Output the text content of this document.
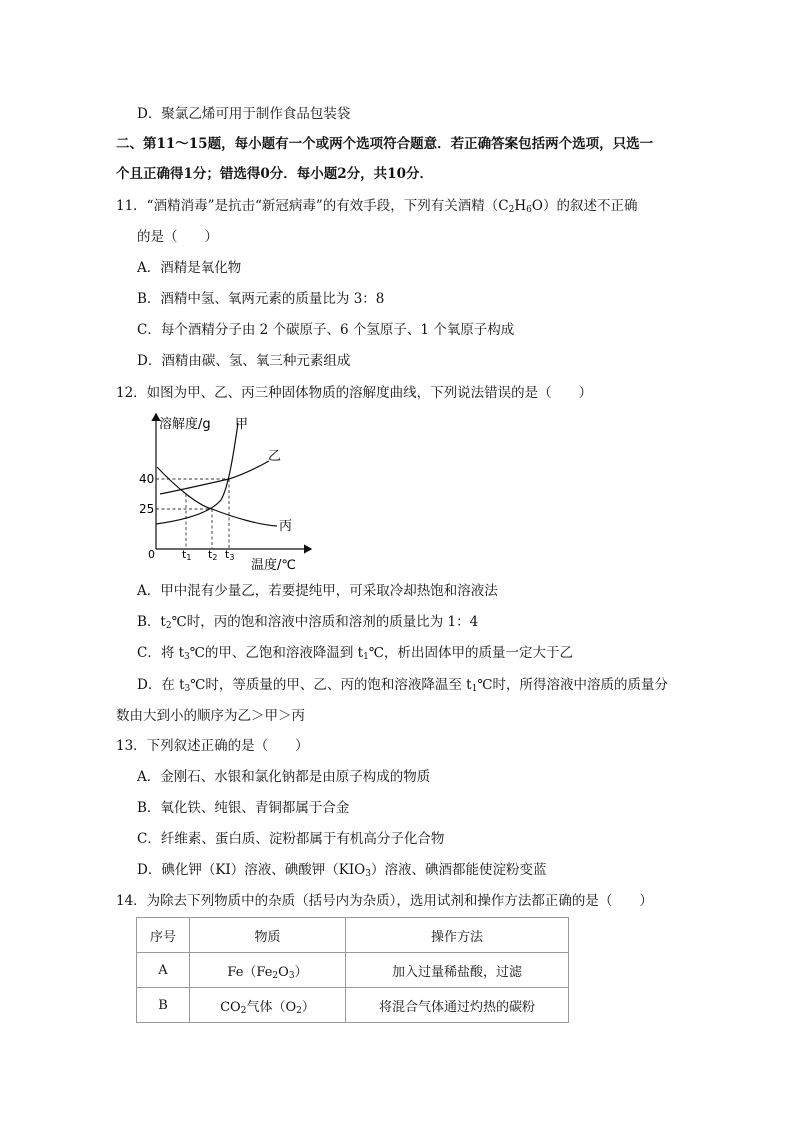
D．聚氯乙烯可用于制作食品包装袋
二、第11～15题，每小题有一个或两个选项符合题意．若正确答案包括两个选项，只选一
个且正确得1分；错选得0分．每小题2分，共10分．
11．“酒精消毒”是抗击“新冠病毒”的有效手段，下列有关酒精$(C_2H_6O)$的叙述不正确
的是（　　）
A．酒精是氧化物
B．酒精中氢、氧两元素的质量比为 3：8
C．每个酒精分子由 2 个碳原子、6 个氢原子、1 个氧原子构成
D．酒精由碳、氢、氧三种元素组成
12．如图为甲、乙、丙三种固体物质的溶解度曲线，下列说法错误的是（　　）
溶解度/g 甲
乙
丙
40
25
0 t1 t2 t3
温度/℃
A．甲中混有少量乙，若要提纯甲，可采取冷却热饱和溶液法
B．$t_2℃$时，丙的饱和溶液中溶质和溶剂的质量比为 1：4
C．将 $t_3℃$的甲、乙饱和溶液降温到 $t_1℃$，析出固体甲的质量一定大于乙
D．在 $t_3℃$时，等质量的甲、乙、丙的饱和溶液降温至 $t_1℃$时，所得溶液中溶质的质量分
数由大到小的顺序为乙＞甲＞丙
13．下列叙述正确的是（　　）
A．金刚石、水银和氯化钠都是由原子构成的物质
B．氧化铁、纯银、青铜都属于合金
C．纤维素、蛋白质、淀粉都属于有机高分子化合物
D．碘化钾（KI）溶液、碘酸钾$(KIO_3)$溶液、碘酒都能使淀粉变蓝
14．为除去下列物质中的杂质（括号内为杂质），选用试剂和操作方法都正确的是（　　）
序号	物质	操作方法
A	$Fe(Fe_2O_3)$	加入过量稀盐酸，过滤
B	$CO_2$气体$(O_2)$	将混合气体通过灼热的碳粉
